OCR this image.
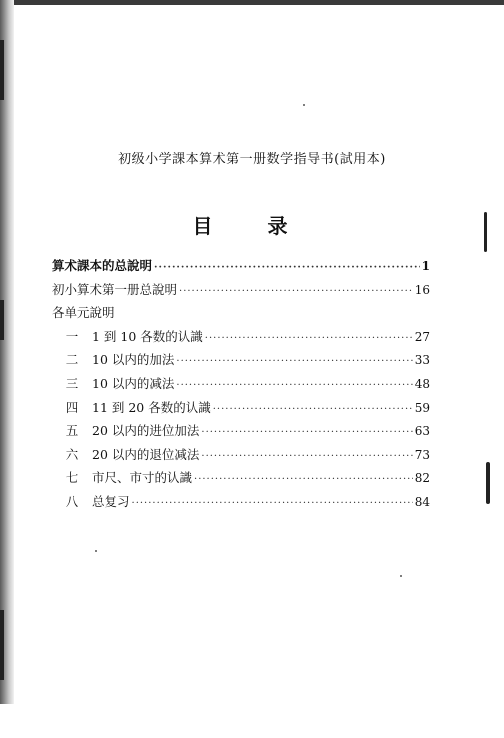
初级小学課本算术第一册数学指导书(試用本)
目 录
算术課本的总說明 ·····	1
初小算术第一册总說明 ·····	16
各单元說明
一	1 到 10 各数的认識 ·····	27
二	10 以内的加法 ·····	33
三	10 以内的减法 ·····	48
四	11 到 20 各数的认識 ·····	59
五	20 以内的进位加法 ·····	63
六	20 以内的退位减法 ·····	73
七	市尺、市寸的认識 ·····	82
八	总复习 ·····	84
